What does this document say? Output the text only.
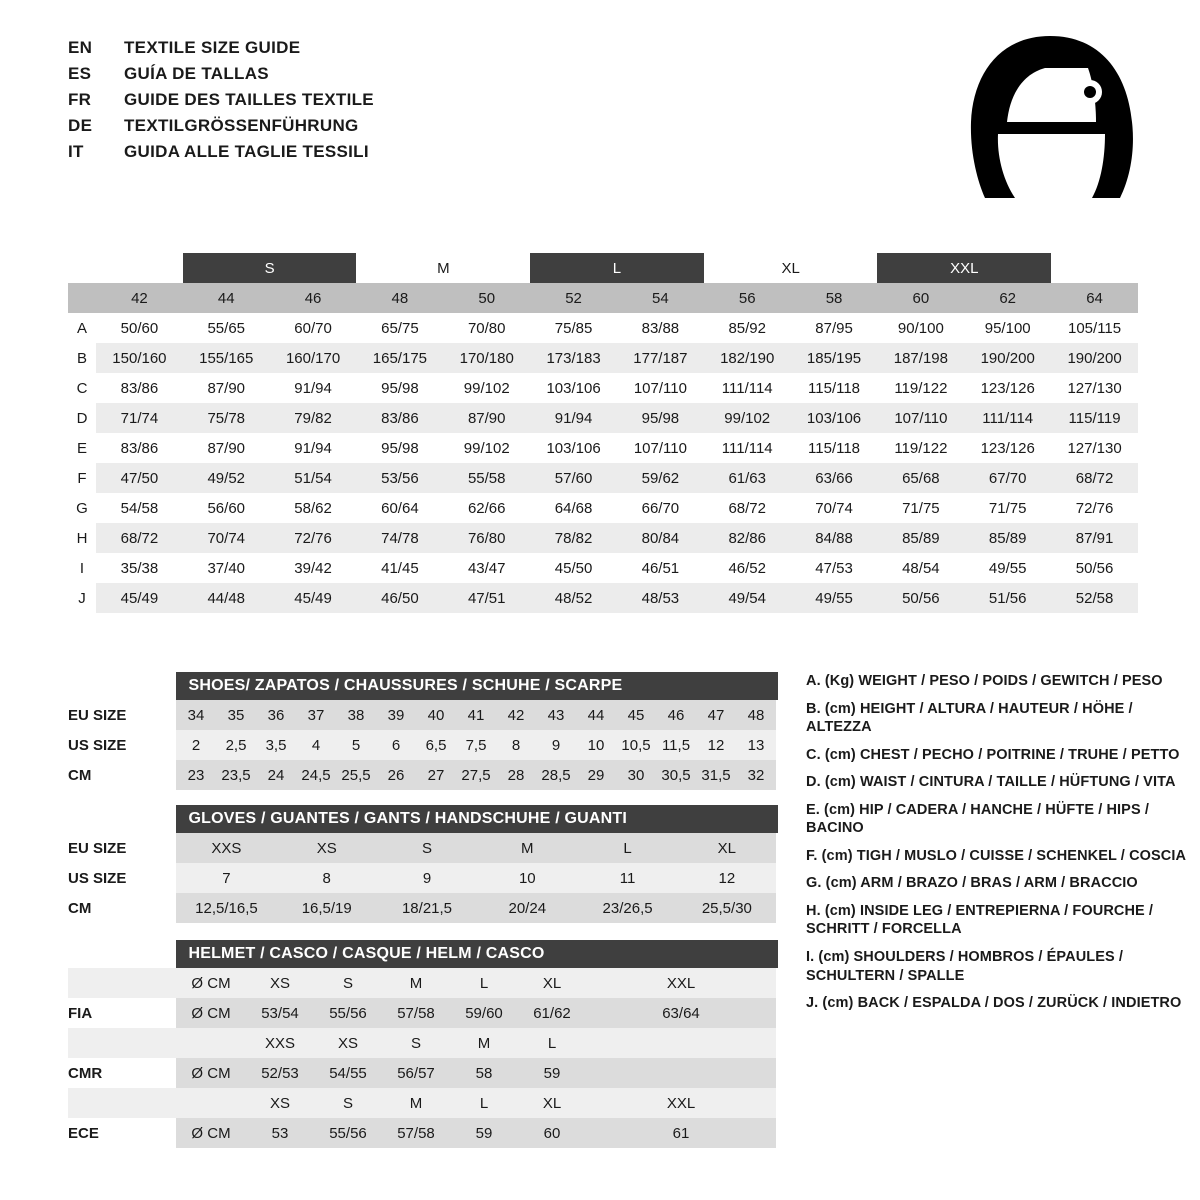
EN	TEXTILE SIZE GUIDE
ES	GUÍA DE TALLAS
FR	GUIDE DES TAILLES TEXTILE
DE	TEXTILGRÖSSENFÜHRUNG
IT	GUIDA ALLE TAGLIE TESSILI
		S		M		L		XL		XXL		
	42	44	46	48	50	52	54	56	58	60	62	64
A	50/60	55/65	60/70	65/75	70/80	75/85	83/88	85/92	87/95	90/100	95/100	105/115
B	150/160	155/165	160/170	165/175	170/180	173/183	177/187	182/190	185/195	187/198	190/200	190/200
C	83/86	87/90	91/94	95/98	99/102	103/106	107/110	111/114	115/118	119/122	123/126	127/130
D	71/74	75/78	79/82	83/86	87/90	91/94	95/98	99/102	103/106	107/110	111/114	115/119
E	83/86	87/90	91/94	95/98	99/102	103/106	107/110	111/114	115/118	119/122	123/126	127/130
F	47/50	49/52	51/54	53/56	55/58	57/60	59/62	61/63	63/66	65/68	67/70	68/72
G	54/58	56/60	58/62	60/64	62/66	64/68	66/70	68/72	70/74	71/75	71/75	72/76
H	68/72	70/74	72/76	74/78	76/80	78/82	80/84	82/86	84/88	85/89	85/89	87/91
I	35/38	37/40	39/42	41/45	43/47	45/50	46/51	46/52	47/53	48/54	49/55	50/56
J	45/49	44/48	45/49	46/50	47/51	48/52	48/53	49/54	49/55	50/56	51/56	52/58
SHOES/ ZAPATOS / CHAUSSURES / SCHUHE / SCARPE
EU SIZE	34	35	36	37	38	39	40	41	42	43	44	45	46	47	48
US SIZE	2	2,5	3,5	4	5	6	6,5	7,5	8	9	10	10,5	11,5	12	13
CM	23	23,5	24	24,5	25,5	26	27	27,5	28	28,5	29	30	30,5	31,5	32
GLOVES / GUANTES / GANTS / HANDSCHUHE / GUANTI
EU SIZE	XXS	XS	S	M	L	XL
US SIZE	7	8	9	10	11	12
CM	12,5/16,5	16,5/19	18/21,5	20/24	23/26,5	25,5/30
HELMET / CASCO / CASQUE / HELM / CASCO
	Ø CM	XS	S	M	L	XL	XXL
FIA	Ø CM	53/54	55/56	57/58	59/60	61/62	63/64
		XXS	XS	S	M	L	
CMR	Ø CM	52/53	54/55	56/57	58	59	
		XS	S	M	L	XL	XXL
ECE	Ø CM	53	55/56	57/58	59	60	61

A. (Kg) WEIGHT / PESO / POIDS / GEWITCH / PESO

B. (cm) HEIGHT / ALTURA / HAUTEUR / HÖHE / ALTEZZA

C. (cm) CHEST / PECHO / POITRINE / TRUHE / PETTO

D. (cm) WAIST / CINTURA / TAILLE / HÜFTUNG / VITA

E. (cm) HIP / CADERA / HANCHE / HÜFTE / HIPS / BACINO

F. (cm) TIGH / MUSLO / CUISSE / SCHENKEL / COSCIA

G. (cm) ARM / BRAZO / BRAS / ARM / BRACCIO

H. (cm) INSIDE LEG / ENTREPIERNA / FOURCHE / SCHRITT / FORCELLA

I. (cm) SHOULDERS / HOMBROS / ÉPAULES / SCHULTERN / SPALLE

J. (cm) BACK / ESPALDA / DOS / ZURÜCK / INDIETRO
